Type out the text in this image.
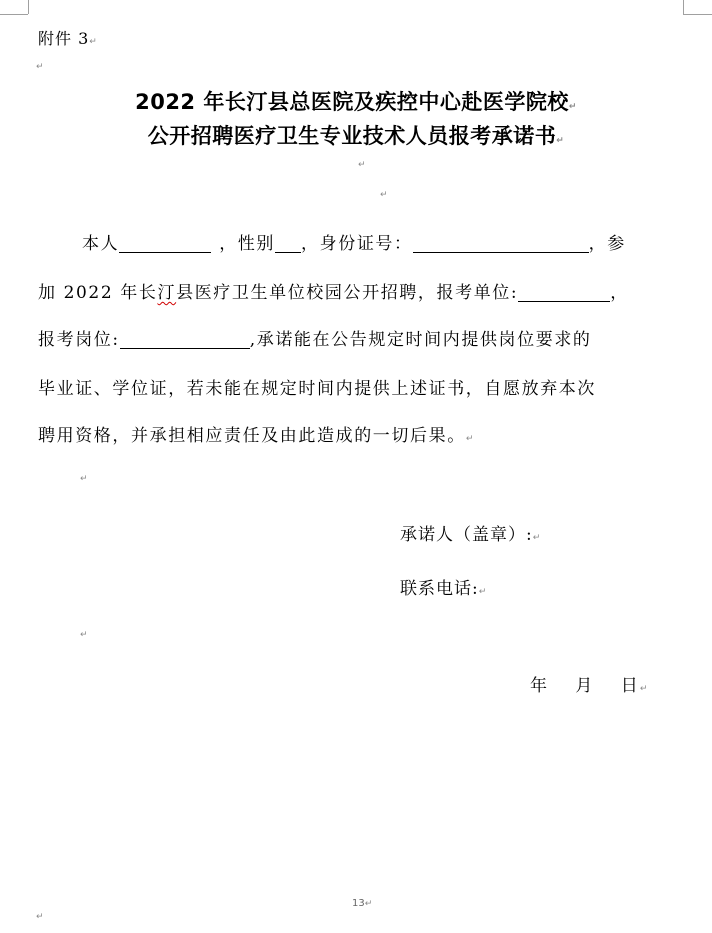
附件 3↵
↵
2022 年长汀县总医院及疾控中心赴医学院校↵
公开招聘医疗卫生专业技术人员报考承诺书↵
↵
↵
本人	，性别 ，身份证号：	，参
加 2022 年长汀县医疗卫生单位校园公开招聘，报考单位:	，
报考岗位:	,承诺能在公告规定时间内提供岗位要求的
毕业证、学位证，若未能在规定时间内提供上述证书，自愿放弃本次
聘用资格，并承担相应责任及由此造成的一切后果。↵
↵
承诺人（盖章）:↵
联系电话:↵
↵
年　 月　 日↵
13↵
↵
